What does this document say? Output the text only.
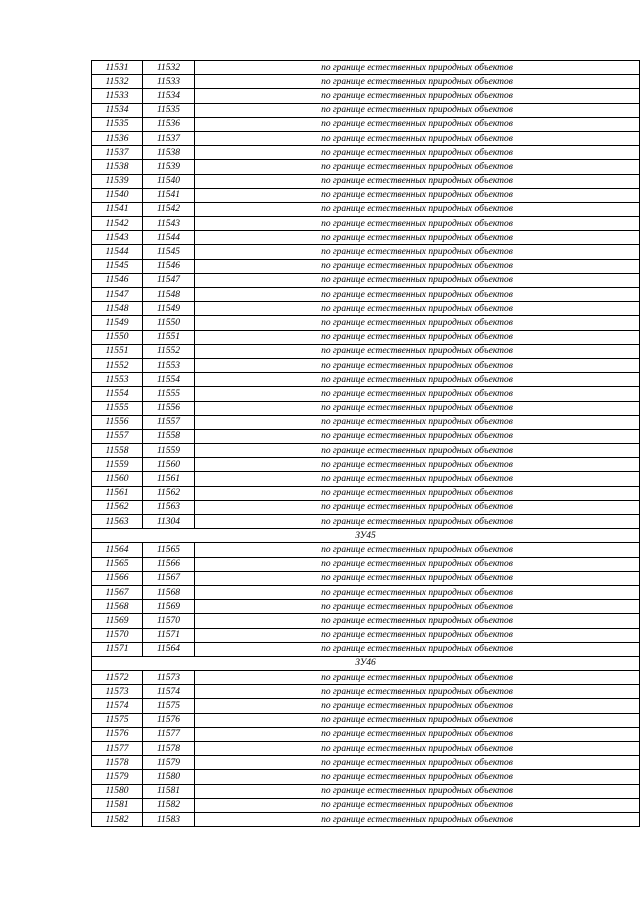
11531	11532	по границе естественных природных объектов
11532	11533	по границе естественных природных объектов
11533	11534	по границе естественных природных объектов
11534	11535	по границе естественных природных объектов
11535	11536	по границе естественных природных объектов
11536	11537	по границе естественных природных объектов
11537	11538	по границе естественных природных объектов
11538	11539	по границе естественных природных объектов
11539	11540	по границе естественных природных объектов
11540	11541	по границе естественных природных объектов
11541	11542	по границе естественных природных объектов
11542	11543	по границе естественных природных объектов
11543	11544	по границе естественных природных объектов
11544	11545	по границе естественных природных объектов
11545	11546	по границе естественных природных объектов
11546	11547	по границе естественных природных объектов
11547	11548	по границе естественных природных объектов
11548	11549	по границе естественных природных объектов
11549	11550	по границе естественных природных объектов
11550	11551	по границе естественных природных объектов
11551	11552	по границе естественных природных объектов
11552	11553	по границе естественных природных объектов
11553	11554	по границе естественных природных объектов
11554	11555	по границе естественных природных объектов
11555	11556	по границе естественных природных объектов
11556	11557	по границе естественных природных объектов
11557	11558	по границе естественных природных объектов
11558	11559	по границе естественных природных объектов
11559	11560	по границе естественных природных объектов
11560	11561	по границе естественных природных объектов
11561	11562	по границе естественных природных объектов
11562	11563	по границе естественных природных объектов
11563	11304	по границе естественных природных объектов
ЗУ45		
11564	11565	по границе естественных природных объектов
11565	11566	по границе естественных природных объектов
11566	11567	по границе естественных природных объектов
11567	11568	по границе естественных природных объектов
11568	11569	по границе естественных природных объектов
11569	11570	по границе естественных природных объектов
11570	11571	по границе естественных природных объектов
11571	11564	по границе естественных природных объектов
ЗУ46		
11572	11573	по границе естественных природных объектов
11573	11574	по границе естественных природных объектов
11574	11575	по границе естественных природных объектов
11575	11576	по границе естественных природных объектов
11576	11577	по границе естественных природных объектов
11577	11578	по границе естественных природных объектов
11578	11579	по границе естественных природных объектов
11579	11580	по границе естественных природных объектов
11580	11581	по границе естественных природных объектов
11581	11582	по границе естественных природных объектов
11582	11583	по границе естественных природных объектов
